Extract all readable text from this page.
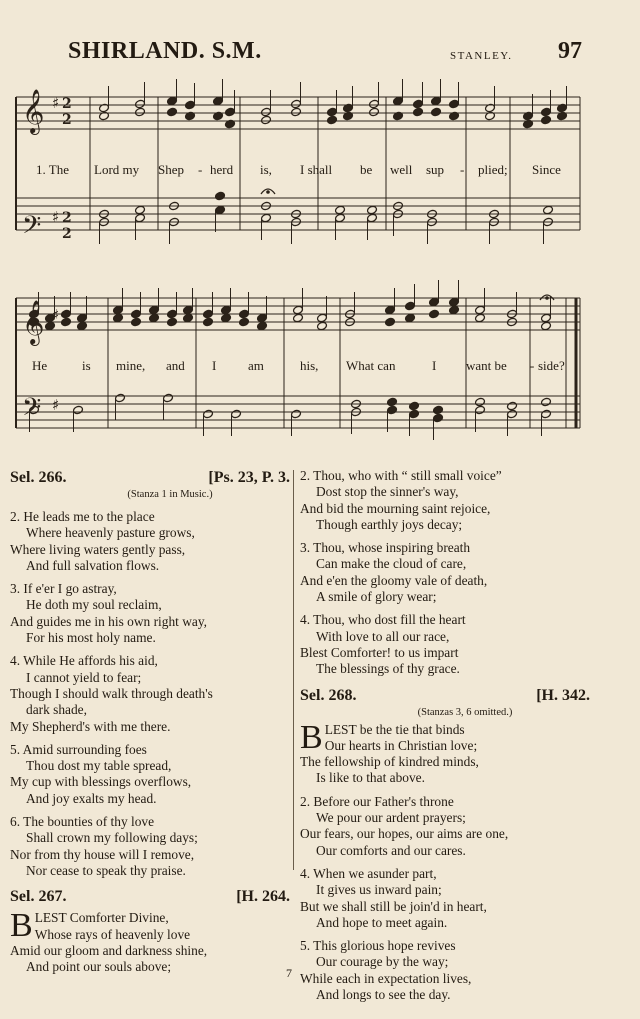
SHIRLAND. S.M.	STANLEY. 97
𝄞
𝄢
𝄞
𝄢
♯
♯
♯
♯
2
2
2
2
1. The Lord my Shep - herd is, I shall be well sup - plied; Since
He	is mine, and I am	his, What can	I want be - side?
Sel. 266.	[Ps. 23, P. 3.
(Stanza 1 in Music.)
2. He leads me to the place
Where heavenly pasture grows,
Where living waters gently pass,
And full salvation flows.
3. If e'er I go astray,
He doth my soul reclaim,
And guides me in his own right way,
For his most holy name.
4. While He affords his aid,
I cannot yield to fear;
Though I should walk through death's
dark shade,
My Shepherd's with me there.
5. Amid surrounding foes
Thou dost my table spread,
My cup with blessings overflows,
And joy exalts my head.
6. The bounties of thy love
Shall crown my following days;
Nor from thy house will I remove,
Nor cease to speak thy praise.
Sel. 267.	[H. 264.
B LEST Comforter Divine,
Whose rays of heavenly love
Amid our gloom and darkness shine,
And point our souls above;
2. Thou, who with “ still small voice”
Dost stop the sinner's way,
And bid the mourning saint rejoice,
Though earthly joys decay;
3. Thou, whose inspiring breath
Can make the cloud of care,
And e'en the gloomy vale of death,
A smile of glory wear;
4. Thou, who dost fill the heart
With love to all our race,
Blest Comforter! to us impart
The blessings of thy grace.
Sel. 268.	[H. 342.
(Stanzas 3, 6 omitted.)
B LEST be the tie that binds
Our hearts in Christian love;
The fellowship of kindred minds,
Is like to that above.
2. Before our Father's throne
We pour our ardent prayers;
Our fears, our hopes, our aims are one,
Our comforts and our cares.
4. When we asunder part,
It gives us inward pain;
But we shall still be join'd in heart,
And hope to meet again.
5. This glorious hope revives
Our courage by the way;
While each in expectation lives,
And longs to see the day.
7
